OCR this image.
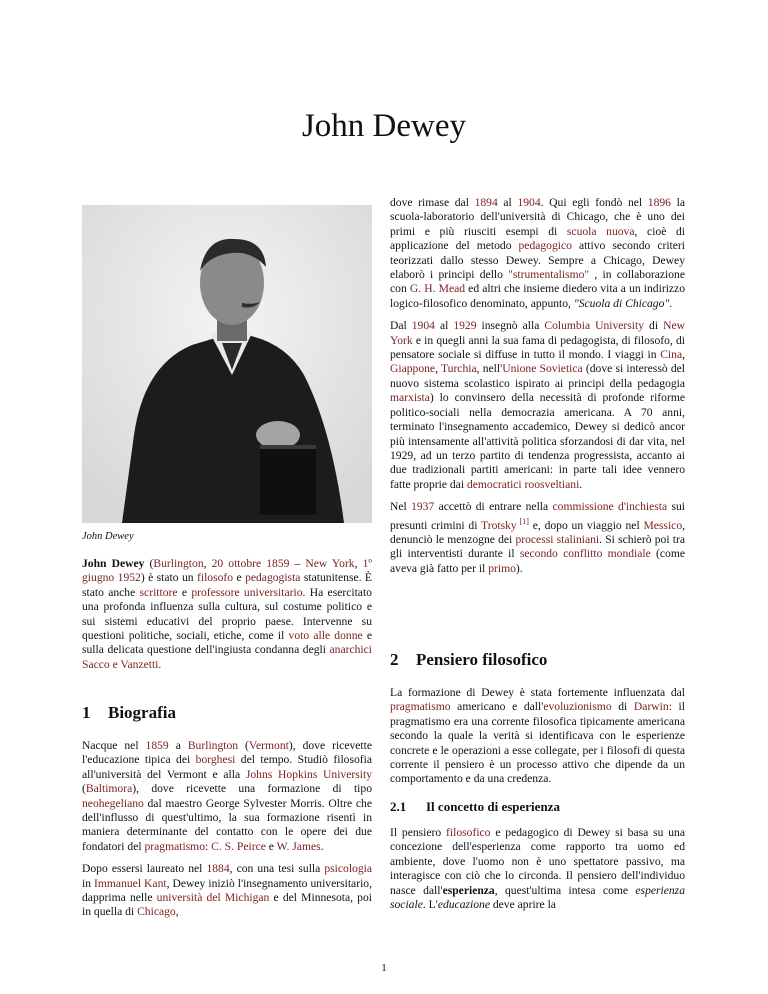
John Dewey
John Dewey

John Dewey (Burlington, 20 ottobre 1859 – New York, 1º giugno 1952) è stato un filosofo e pedagogista statunitense. È stato anche scrittore e professore universitario. Ha esercitato una profonda influenza sulla cultura, sul costume politico e sui sistemi educativi del proprio paese. Intervenne su questioni politiche, sociali, etiche, come il voto alle donne e sulla delicata questione dell'ingiusta condanna degli anarchici Sacco e Vanzetti.

1 Biografia

Nacque nel 1859 a Burlington (Vermont), dove ricevette l'educazione tipica dei borghesi del tempo. Studiò filosofia all'università del Vermont e alla Johns Hopkins University (Baltimora), dove ricevette una formazione di tipo neohegeliano dal maestro George Sylvester Morris. Oltre che dell'influsso di quest'ultimo, la sua formazione risentì in maniera determinante del contatto con le opere dei due fondatori del pragmatismo: C. S. Peirce e W. James.

Dopo essersi laureato nel 1884, con una tesi sulla psicologia in Immanuel Kant, Dewey iniziò l'insegnamento universitario, dapprima nelle università del Michigan e del Minnesota, poi in quella di Chicago,

dove rimase dal 1894 al 1904. Qui egli fondò nel 1896 la scuola-laboratorio dell'università di Chicago, che è uno dei primi e più riusciti esempi di scuola nuova, cioè di applicazione del metodo pedagogico attivo secondo criteri teorizzati dallo stesso Dewey. Sempre a Chicago, Dewey elaborò i principi dello "strumentalismo" , in collaborazione con G. H. Mead ed altri che insieme diedero vita a un indirizzo logico-filosofico denominato, appunto, "Scuola di Chicago".

Dal 1904 al 1929 insegnò alla Columbia University di New York e in quegli anni la sua fama di pedagogista, di filosofo, di pensatore sociale si diffuse in tutto il mondo. I viaggi in Cina, Giappone, Turchia, nell'Unione Sovietica (dove si interessò del nuovo sistema scolastico ispirato ai principi della pedagogia marxista) lo convinsero della necessità di profonde riforme politico-sociali nella democrazia americana. A 70 anni, terminato l'insegnamento accademico, Dewey si dedicò ancor più intensamente all'attività politica sforzandosi di dar vita, nel 1929, ad un terzo partito di tendenza progressista, accanto ai due tradizionali partiti americani: in parte tali idee vennero fatte proprie dai democratici roosveltiani.

Nel 1937 accettò di entrare nella commissione d'inchiesta sui presunti crimini di Trotsky [1] e, dopo un viaggio nel Messico, denunciò le menzogne dei processi staliniani. Si schierò poi tra gli interventisti durante il secondo conflitto mondiale (come aveva già fatto per il primo).

2 Pensiero filosofico

La formazione di Dewey è stata fortemente influenzata dal pragmatismo americano e dall'evoluzionismo di Darwin: il pragmatismo era una corrente filosofica tipicamente americana secondo la quale la verità si identificava con le esperienze concrete e le operazioni a esse collegate, per i filosofi di questa corrente il pensiero è un processo attivo che dipende da un comportamento e da una credenza.

2.1 Il concetto di esperienza

Il pensiero filosofico e pedagogico di Dewey si basa su una concezione dell'esperienza come rapporto tra uomo ed ambiente, dove l'uomo non è uno spettatore passivo, ma interagisce con ciò che lo circonda. Il pensiero dell'individuo nasce dall'esperienza, quest'ultima intesa come esperienza sociale. L'educazione deve aprire la

1
